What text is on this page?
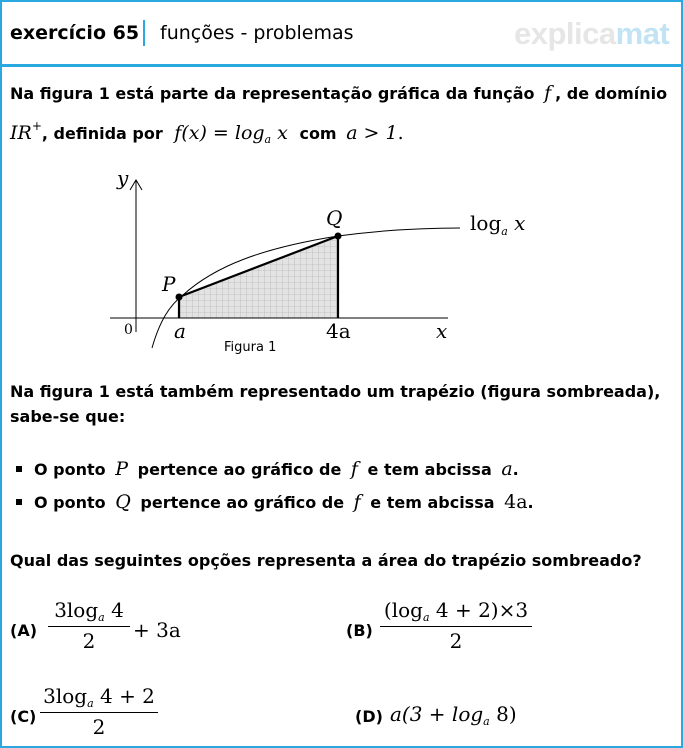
exercício 65 funções - problemas	explicamat
Na figura 1 está parte da representação gráfica da função f , de domínio
IR+, definida por $f(x) = \log_a x$ com a > 1.
y
x
0 a	4a
P
Q	$\log_a x$
Figura 1
Na figura 1 está também representado um trapézio (figura sombreada),
sabe-se que:
O ponto P pertence ao gráfico de f e tem abcissa a.
O ponto Q pertence ao gráfico de f e tem abcissa 4a.
Qual das seguintes opções representa a área do trapézio sombreado?
(A)
$3\log_a$ 4
2	+ 3a	(B)
($\log_a$ 4 + 2)×3
2
(C)
$3\log_a$ 4 + 2
2	(D) $a(3 + \log_a 8)$
